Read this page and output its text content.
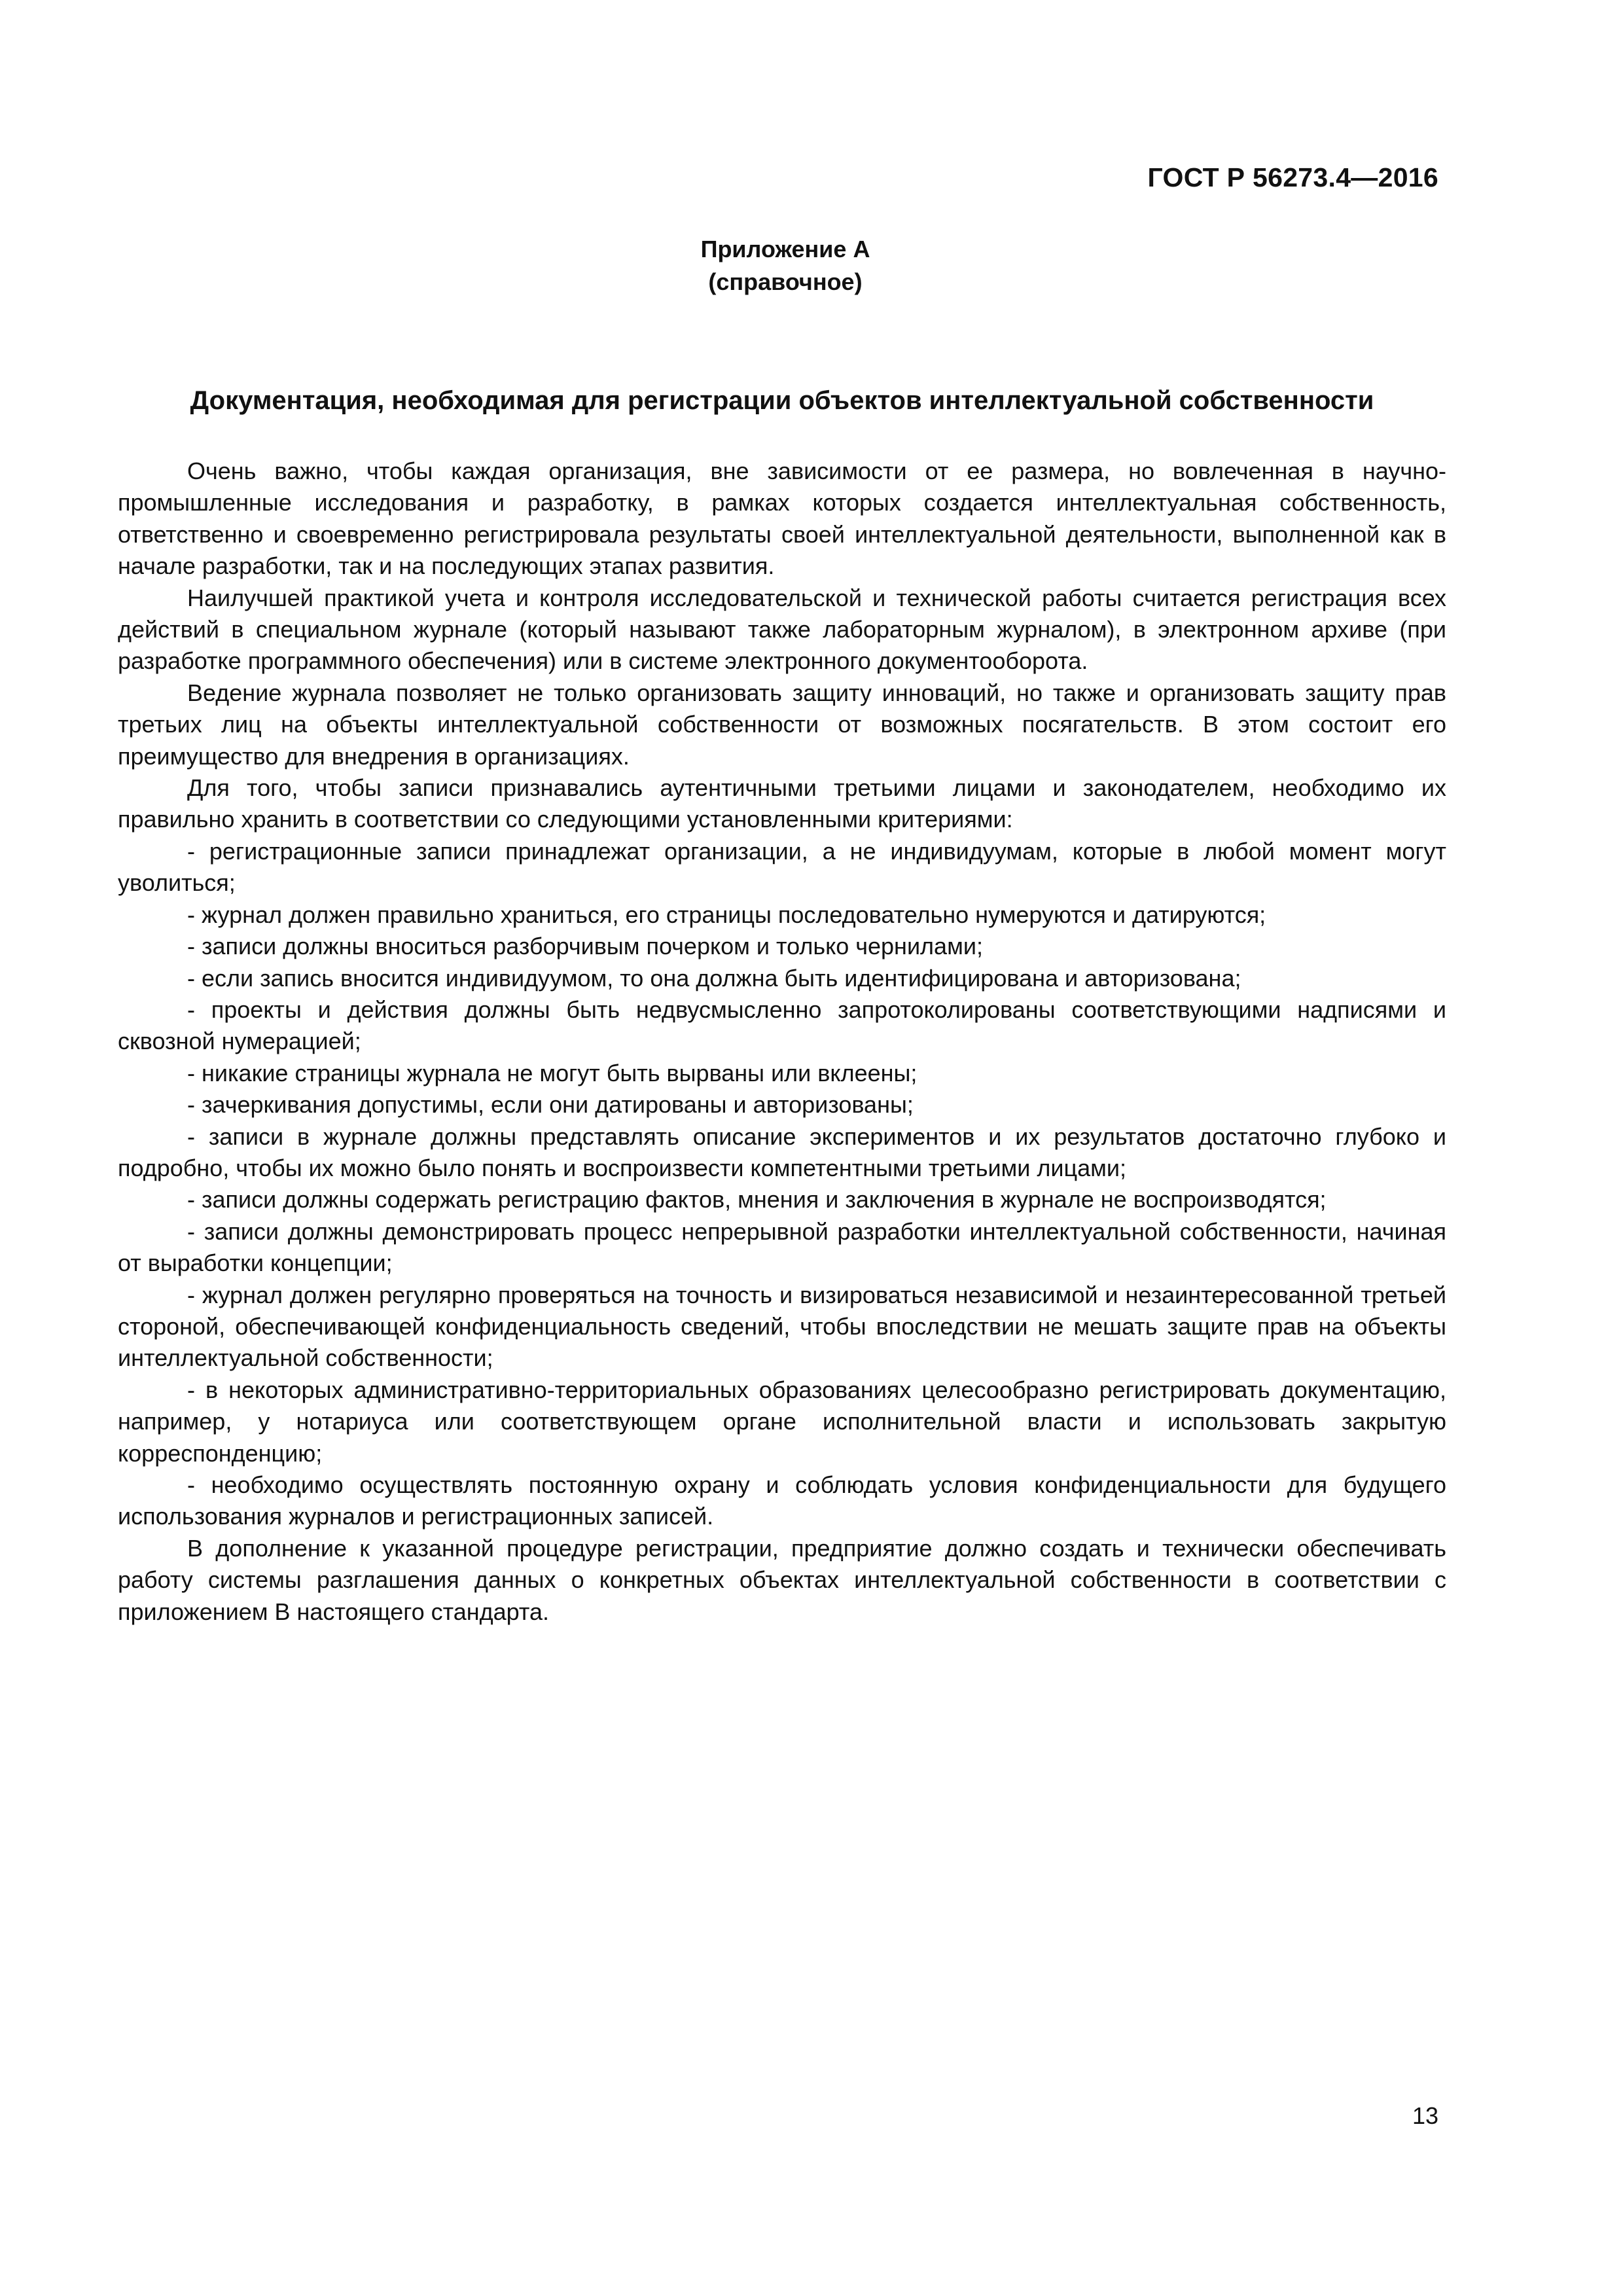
ГОСТ Р 56273.4—2016
Приложение А
(справочное)
Документация, необходимая для регистрации объектов интеллектуальной собственности

Очень важно, чтобы каждая организация, вне зависимости от ее размера, но вовлеченная в научно-промышленные исследования и разработку, в рамках которых создается интеллектуальная собственность, ответственно и своевременно регистрировала результаты своей интеллектуальной деятельности, выполненной как в начале разработки, так и на последующих этапах развития.

Наилучшей практикой учета и контроля исследовательской и технической работы считается регистрация всех действий в специальном журнале (который называют также лабораторным журналом), в электронном архиве (при разработке программного обеспечения) или в системе электронного документооборота.

Ведение журнала позволяет не только организовать защиту инноваций, но также и организовать защиту прав третьих лиц на объекты интеллектуальной собственности от возможных посягательств. В этом состоит его преимущество для внедрения в организациях.

Для того, чтобы записи признавались аутентичными третьими лицами и законодателем, необходимо их правильно хранить в соответствии со следующими установленными критериями:

- регистрационные записи принадлежат организации, а не индивидуумам, которые в любой момент могут уволиться;

- журнал должен правильно храниться, его страницы последовательно нумеруются и датируются;

- записи должны вноситься разборчивым почерком и только чернилами;

- если запись вносится индивидуумом, то она должна быть идентифицирована и авторизована;

- проекты и действия должны быть недвусмысленно запротоколированы соответствующими надписями и сквозной нумерацией;

- никакие страницы журнала не могут быть вырваны или вклеены;

- зачеркивания допустимы, если они датированы и авторизованы;

- записи в журнале должны представлять описание экспериментов и их результатов достаточно глубоко и подробно, чтобы их можно было понять и воспроизвести компетентными третьими лицами;

- записи должны содержать регистрацию фактов, мнения и заключения в журнале не воспроизводятся;

- записи должны демонстрировать процесс непрерывной разработки интеллектуальной собственности, начиная от выработки концепции;

- журнал должен регулярно проверяться на точность и визироваться независимой и незаинтересованной третьей стороной, обеспечивающей конфиденциальность сведений, чтобы впоследствии не мешать защите прав на объекты интеллектуальной собственности;

- в некоторых административно-территориальных образованиях целесообразно регистрировать документацию, например, у нотариуса или соответствующем органе исполнительной власти и использовать закрытую корреспонденцию;

- необходимо осуществлять постоянную охрану и соблюдать условия конфиденциальности для будущего использования журналов и регистрационных записей.

В дополнение к указанной процедуре регистрации, предприятие должно создать и технически обеспечивать работу системы разглашения данных о конкретных объектах интеллектуальной собственности в соответствии с приложением В настоящего стандарта.

13
